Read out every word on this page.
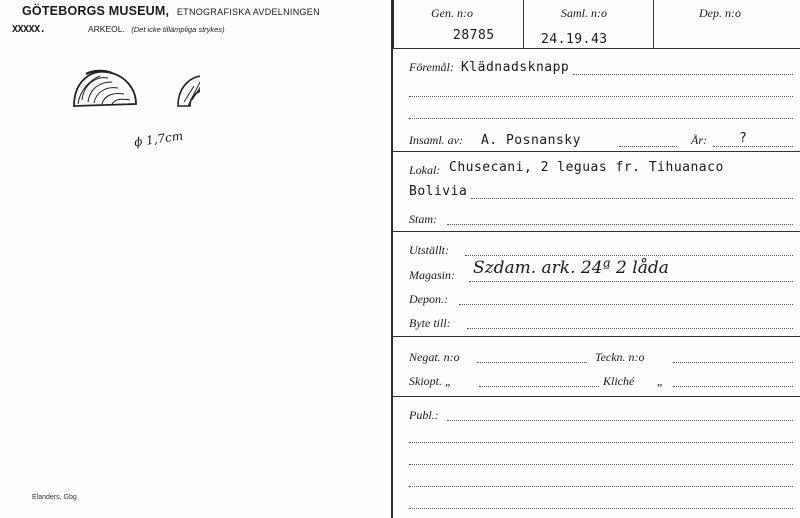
GÖTEBORGS MUSEUM, ETNOGRAFISKA AVDELNINGEN
XXXXX.	ARKEOL. (Det icke tillämpliga strykes)
ϕ 1,7cm
Elanders, Gbg
Gen. n:o
28785
Saml. n:o
24.19.43
Dep. n:o
Föremål: Klädnadsknapp
Insaml. av: A. Posnansky	År: ?
Lokal: Chusecani, 2 leguas fr. Tihuanaco
Bolivia
Stam:
Utställt:
Magasin: Szdam. ark. 24ª 2 låda
Depon.:
Byte till:
Negat. n:o	Teckn. n:o
Skiopt. „	Kliché „
Publ.:
